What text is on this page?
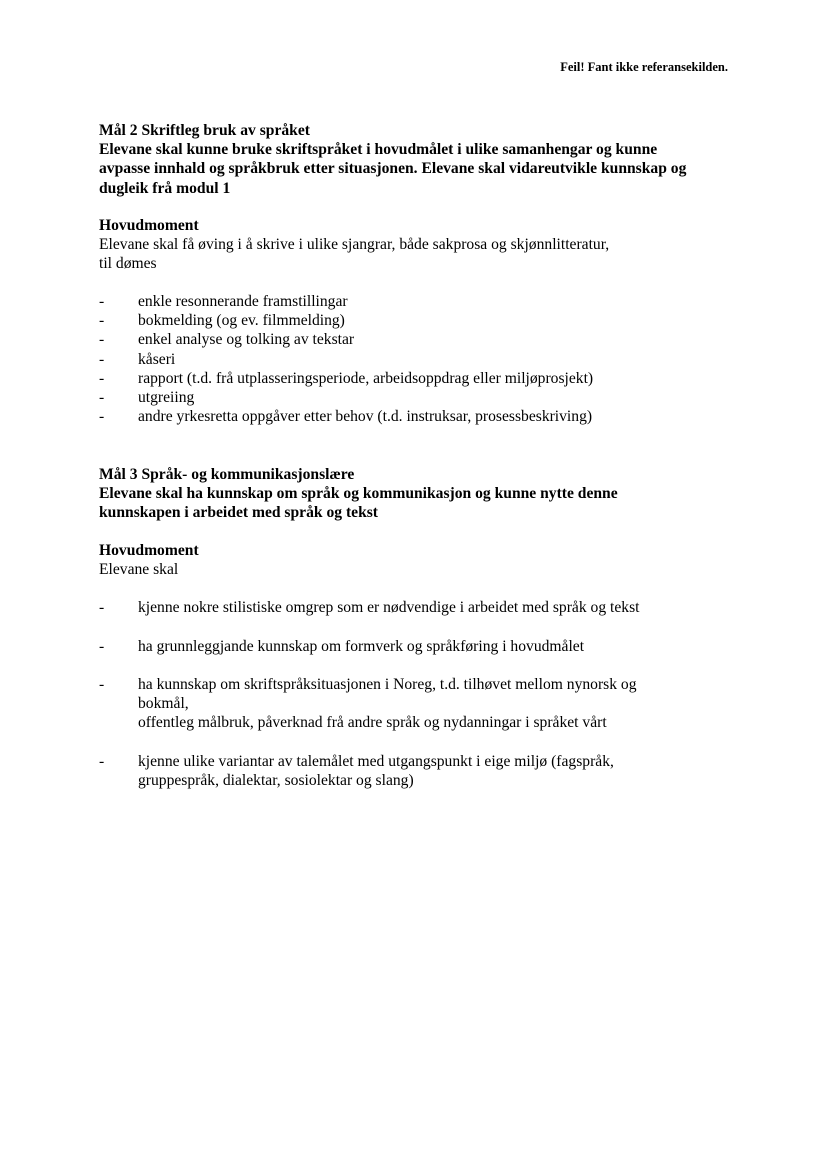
Feil! Fant ikke referansekilden.
Mål 2 Skriftleg bruk av språket
Elevane skal kunne bruke skriftspråket i hovudmålet i ulike samanhengar og kunne
avpasse innhald og språkbruk etter situasjonen. Elevane skal vidareutvikle kunnskap og
dugleik frå modul 1
Hovudmoment
Elevane skal få øving i å skrive i ulike sjangrar, både sakprosa og skjønnlitteratur,
til dømes
- enkle resonnerande framstillingar
- bokmelding (og ev. filmmelding)
- enkel analyse og tolking av tekstar
- kåseri
- rapport (t.d. frå utplasseringsperiode, arbeidsoppdrag eller miljøprosjekt)
- utgreiing
- andre yrkesretta oppgåver etter behov (t.d. instruksar, prosessbeskriving)
Mål 3 Språk- og kommunikasjonslære
Elevane skal ha kunnskap om språk og kommunikasjon og kunne nytte denne
kunnskapen i arbeidet med språk og tekst
Hovudmoment
Elevane skal
- kjenne nokre stilistiske omgrep som er nødvendige i arbeidet med språk og tekst
- ha grunnleggjande kunnskap om formverk og språkføring i hovudmålet
- ha kunnskap om skriftspråksituasjonen i Noreg, t.d. tilhøvet mellom nynorsk og
bokmål,
offentleg målbruk, påverknad frå andre språk og nydanningar i språket vårt
- kjenne ulike variantar av talemålet med utgangspunkt i eige miljø (fagspråk,
gruppespråk, dialektar, sosiolektar og slang)
